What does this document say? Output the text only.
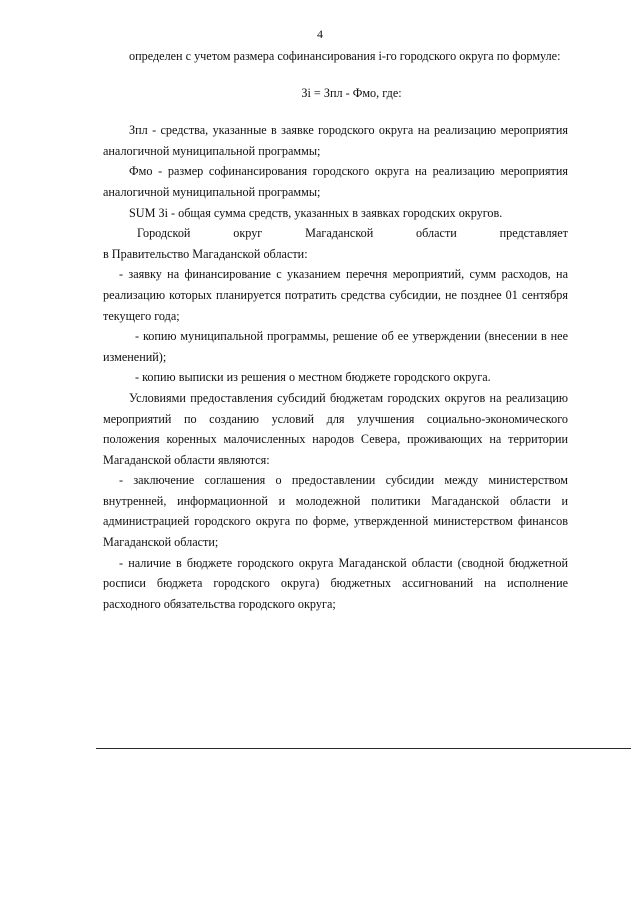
4

определен с учетом размера софинансирования i-го городского округа по формуле:

Зi = Зпл - Фмо, где:

Зпл - средства, указанные в заявке городского округа на реализацию мероприятия аналогичной муниципальной программы;

Фмо - размер софинансирования городского округа на реализацию мероприятия аналогичной муниципальной программы;

SUM Зi - общая сумма средств, указанных в заявках городских округов.

Городской округ Магаданской области представляет

в Правительство Магаданской области:

- заявку на финансирование с указанием перечня мероприятий, сумм расходов, на реализацию которых планируется потратить средства субсидии, не позднее 01 сентября текущего года;

- копию муниципальной программы, решение об ее утверждении (внесении в нее изменений);

- копию выписки из решения о местном бюджете городского округа.

Условиями предоставления субсидий бюджетам городских округов на реализацию мероприятий по созданию условий для улучшения социально-экономического положения коренных малочисленных народов Севера, проживающих на территории Магаданской области являются:

- заключение соглашения о предоставлении субсидии между министерством внутренней, информационной и молодежной политики Магаданской области и администрацией городского округа по форме, утвержденной министерством финансов Магаданской области;

- наличие в бюджете городского округа Магаданской области (сводной бюджетной росписи бюджета городского округа) бюджетных ассигнований на исполнение расходного обязательства городского округа;
